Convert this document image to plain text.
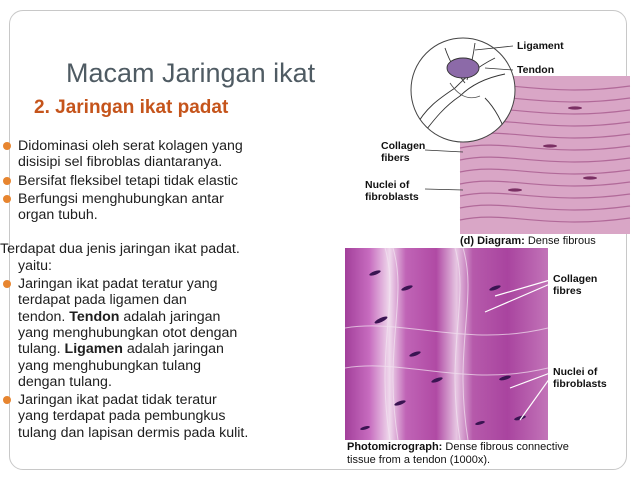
Macam Jaringan ikat
2. Jaringan ikat padat
Didominasi oleh serat kolagen yang
disisipi sel fibroblas diantaranya.
Bersifat fleksibel tetapi tidak elastic
Berfungsi menghubungkan antar
organ tubuh.
Terdapat dua jenis jaringan ikat padat.
yaitu:
Jaringan ikat padat teratur yang
terdapat pada ligamen dan
tendon. Tendon adalah jaringan
yang menghubungkan otot dengan
tulang. Ligamen adalah jaringan
yang menghubungkan tulang
dengan tulang.
Jaringan ikat padat tidak teratur
yang terdapat pada pembungkus
tulang dan lapisan dermis pada kulit.
Ligament
Tendon
Collagen
fibers
Nuclei of
fibroblasts
(d) Diagram: Dense fibrous
Collagen
fibres
Nuclei of
fibroblasts
Photomicrograph: Dense fibrous connective
tissue from a tendon (1000x).
